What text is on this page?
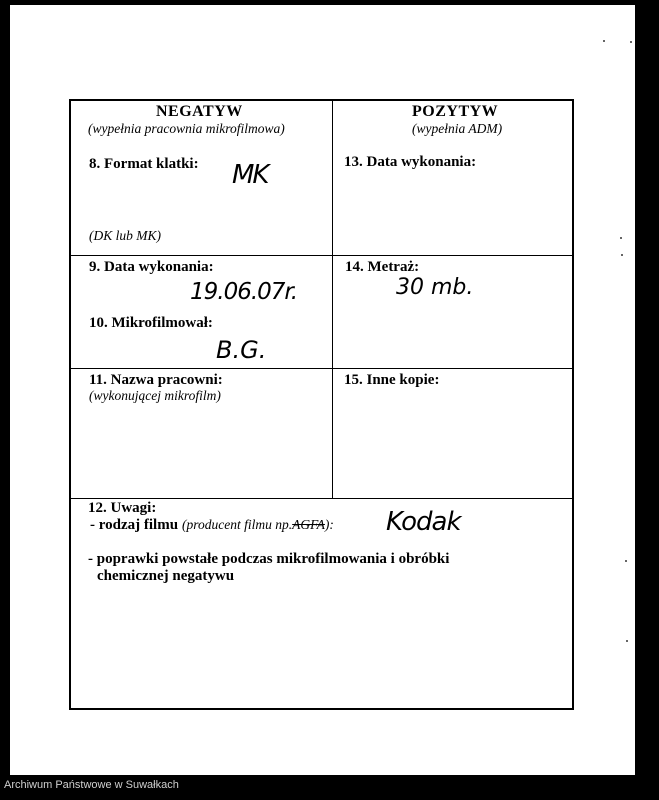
NEGATYW
(wypełnia pracownia mikrofilmowa)
8. Format klatki: MK
(DK lub MK)
POZYTYW
(wypełnia ADM)
13. Data wykonania:
9. Data wykonania:
19.06.07r.
10. Mikrofilmował:
B.G.
14. Metraż:
30 mb.
11. Nazwa pracowni:
(wykonującej mikrofilm)
15. Inne kopie:
12. Uwagi:
- rodzaj filmu (producent filmu np.AGFA): Kodak
- poprawki powstałe podczas mikrofilmowania i obróbki
chemicznej negatywu
Archiwum Państwowe w Suwałkach
